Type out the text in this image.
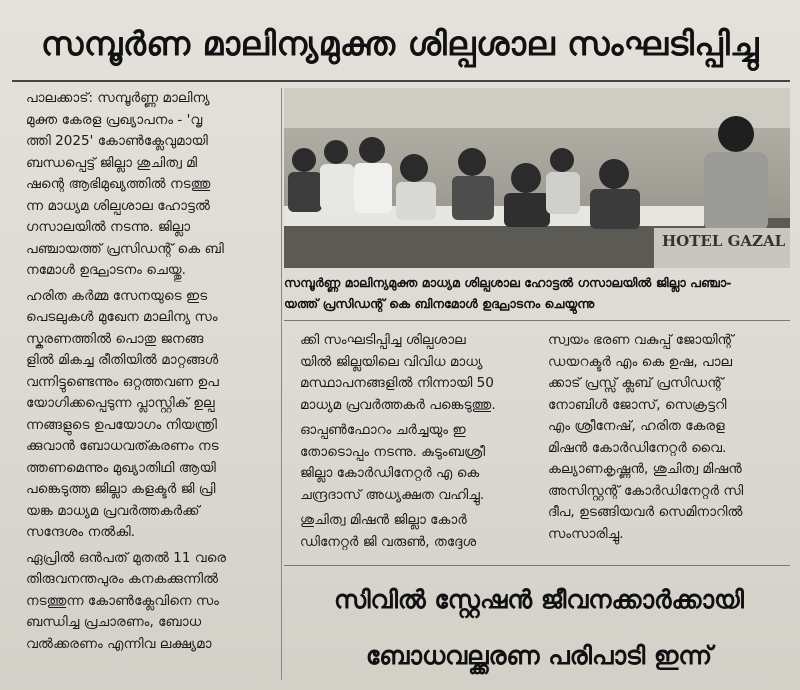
സമ്പൂർണ മാലിന്യമുക്ത ശില്പശാല സംഘടിപ്പിച്ചു

പാലക്കാട്: സമ്പൂർണ്ണ മാലിന്യ
മുക്ത കേരള പ്രഖ്യാപനം - 'വൃ
ത്തി 2025' കോൺക്ലേവുമായി
ബന്ധപ്പെട്ട് ജില്ലാ ശുചിത്വ മി
ഷന്റെ ആഭിമുഖ്യത്തിൽ നടത്തു
ന്ന മാധ്യമ ശില്പശാല ഹോട്ടൽ
ഗസാലയിൽ നടന്നു. ജില്ലാ
പഞ്ചായത്ത് പ്രസിഡന്റ് കെ ബി
നമോൾ ഉദ്ഘാടനം ചെയ്തു.

ഹരിത കർമ്മ സേനയുടെ ഇട
പെടലുകൾ മുഖേന മാലിന്യ സം
സ്കരണത്തിൽ പൊതു ജനങ്ങ
ളിൽ മികച്ച രീതിയിൽ മാറ്റങ്ങൾ
വന്നിട്ടുണ്ടെന്നും ഒറ്റത്തവണ ഉപ
യോഗിക്കപ്പെടുന്ന പ്ലാസ്റ്റിക് ഉല്പ
ന്നങ്ങളുടെ ഉപയോഗം നിയന്ത്രി
ക്കുവാൻ ബോധവത്കരണം നട
ത്തണമെന്നും മുഖ്യാതിഥി ആയി
പങ്കെടുത്ത ജില്ലാ കളക്ടർ ജി പ്രി
യങ്ക മാധ്യമ പ്രവർത്തകർക്ക്
സന്ദേശം നൽകി.

ഏപ്രിൽ ഒൻപത് മുതൽ 11 വരെ
തിരുവനന്തപുരം കനകക്കുന്നിൽ
നടത്തുന്ന കോൺക്ലേവിനെ സം
ബന്ധിച്ച പ്രചാരണം, ബോധ
വൽക്കരണം എന്നിവ ലക്ഷ്യമാ

HOTEL GAZAL
സമ്പൂർണ്ണ മാലിന്യമുക്ത മാധ്യമ ശില്പശാല ഹോട്ടൽ ഗസാലയിൽ ജില്ലാ പഞ്ചാ-
യത്ത് പ്രസിഡന്റ് കെ ബിനമോൾ ഉദ്ഘാടനം ചെയ്യുന്നു

ക്കി സംഘടിപ്പിച്ച ശില്പശാല
യിൽ ജില്ലയിലെ വിവിധ മാധ്യ
മസ്ഥാപനങ്ങളിൽ നിന്നായി 50
മാധ്യമ പ്രവർത്തകർ പങ്കെടുത്തു.

ഓപ്പൺഫോറം ചർച്ചയും ഇ
തോടൊപ്പം നടന്നു. കുടുംബശ്രീ
ജില്ലാ കോർഡിനേറ്റർ എ കെ
ചന്ദ്രദാസ് അധ്യക്ഷത വഹിച്ചു.

ശുചിത്വ മിഷൻ ജില്ലാ കോർ
ഡിനേറ്റർ ജി വരുൺ, തദ്ദേശ

സ്വയം ഭരണ വകുപ്പ് ജോയിന്റ്
ഡയറക്ടർ എം കെ ഉഷ, പാല
ക്കാട് പ്രസ്സ് ക്ലബ് പ്രസിഡന്റ്
നോബിൾ ജോസ്, സെക്രട്ടറി
എം ശ്രീനേഷ്, ഹരിത കേരള
മിഷൻ കോർഡിനേറ്റർ വൈ.
കല്യാണകൃഷ്ണൻ, ശുചിത്വ മിഷൻ
അസിസ്റ്റന്റ് കോർഡിനേറ്റർ സി
ദീപ, ഉടങ്ങിയവർ സെമിനാറിൽ
സംസാരിച്ചു.

സിവിൽ സ്റ്റേഷൻ ജീവനക്കാർക്കായി
ബോധവല്ക്കരണ പരിപാടി ഇന്ന്
